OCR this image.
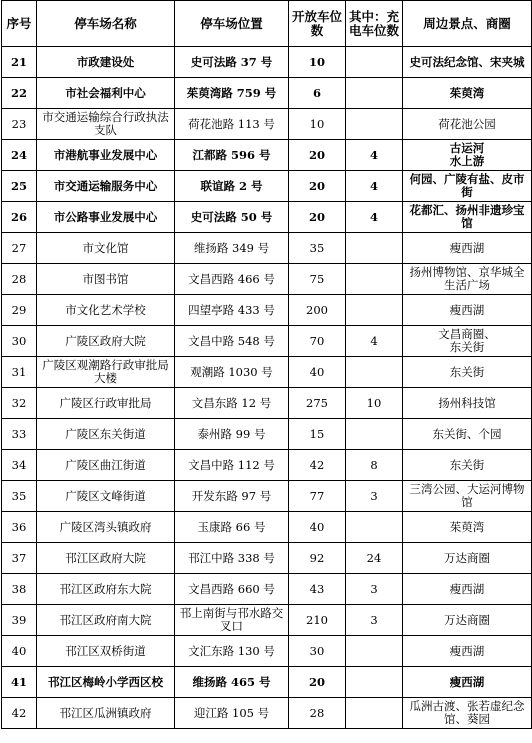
序号	停车场名称	停车场位置	开放车位数	其中：充电车位数	周边景点、商圈
21	市政建设处	史可法路 37 号	10		史可法纪念馆、宋夹城
22	市社会福利中心	茱萸湾路 759 号	6		茱萸湾
23	市交通运输综合行政执法支队	荷花池路 113 号	10		荷花池公园
24	市港航事业发展中心	江都路 596 号	20	4	古运河
水上游
25	市交通运输服务中心	联谊路 2 号	20	4	何园、广陵有盐、皮市街
26	市公路事业发展中心	史可法路 50 号	20	4	花都汇、扬州非遗珍宝馆
27	市文化馆	维扬路 349 号	35		瘦西湖
28	市图书馆	文昌西路 466 号	75		扬州博物馆、京华城全生活广场
29	市文化艺术学校	四望亭路 433 号	200		瘦西湖
30	广陵区政府大院	文昌中路 548 号	70	4	文昌商圈、
东关街
31	广陵区观潮路行政审批局大楼	观潮路 1030 号	40		东关街
32	广陵区行政审批局	文昌东路 12 号	275	10	扬州科技馆
33	广陵区东关街道	泰州路 99 号	15		东关街、个园
34	广陵区曲江街道	文昌中路 112 号	42	8	东关街
35	广陵区文峰街道	开发东路 97 号	77	3	三湾公园、大运河博物馆
36	广陵区湾头镇政府	玉康路 66 号	40		茱萸湾
37	邗江区政府大院	邗江中路 338 号	92	24	万达商圈
38	邗江区政府东大院	文昌西路 660 号	43	3	瘦西湖
39	邗江区政府南大院	邗上南街与邗水路交叉口	210	3	万达商圈
40	邗江区双桥街道	文汇东路 130 号	30		瘦西湖
41	邗江区梅岭小学西区校	维扬路 465 号	20		瘦西湖
42	邗江区瓜洲镇政府	迎江路 105 号	28		瓜洲古渡、张若虚纪念馆、葵园
